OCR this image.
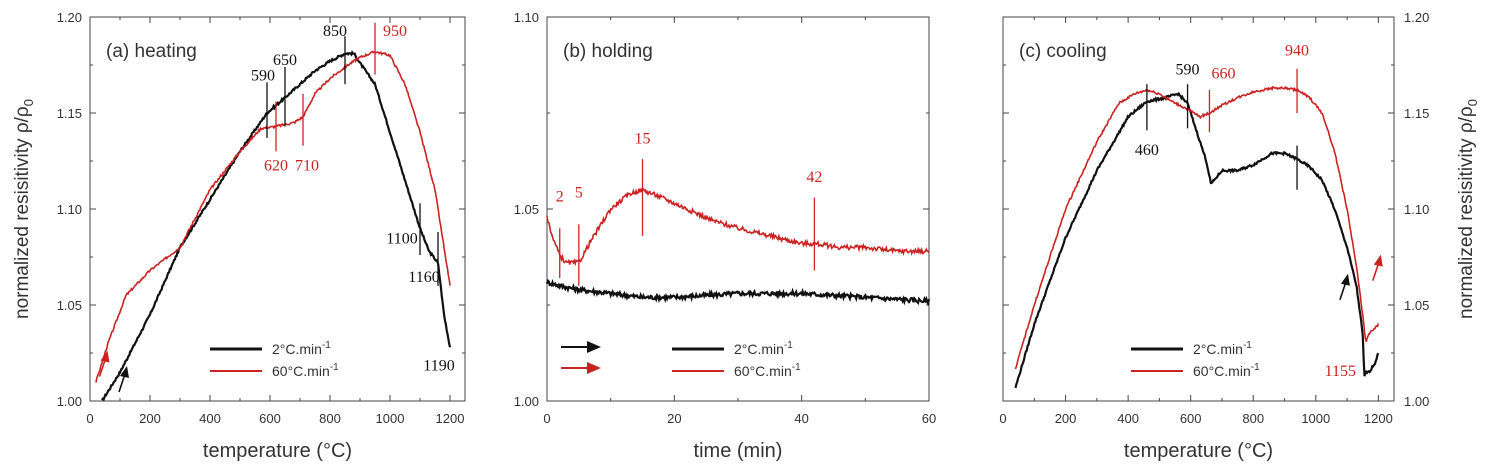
0	200	400	600	800	1000 1200
1.00
1.05
1.10
1.15
1.20
temperature (°C)
normalized resisitivity $\rho/\rho_0$
(a) heating
590
650
850 950
620 710
1100
1160
1190
$2^\circ C.\min^{-1}$
$60^\circ C.\min^{-1}$
0	20	40	60
1.00
1.05
1.10
time (min)
(b) holding
2 5
15
42
$2^\circ C.\min^{-1}$
$60^\circ C.\min^{-1}$
0	200	400	600	800	1000	1200
1.00
1.05
1.10
1.15
1.20
temperature (°C)
normalized resisitivity $\rho/\rho_0$
(c) cooling
460
590 660
940
1155
$2^\circ C.\min^{-1}$
$60^\circ C.\min^{-1}$
